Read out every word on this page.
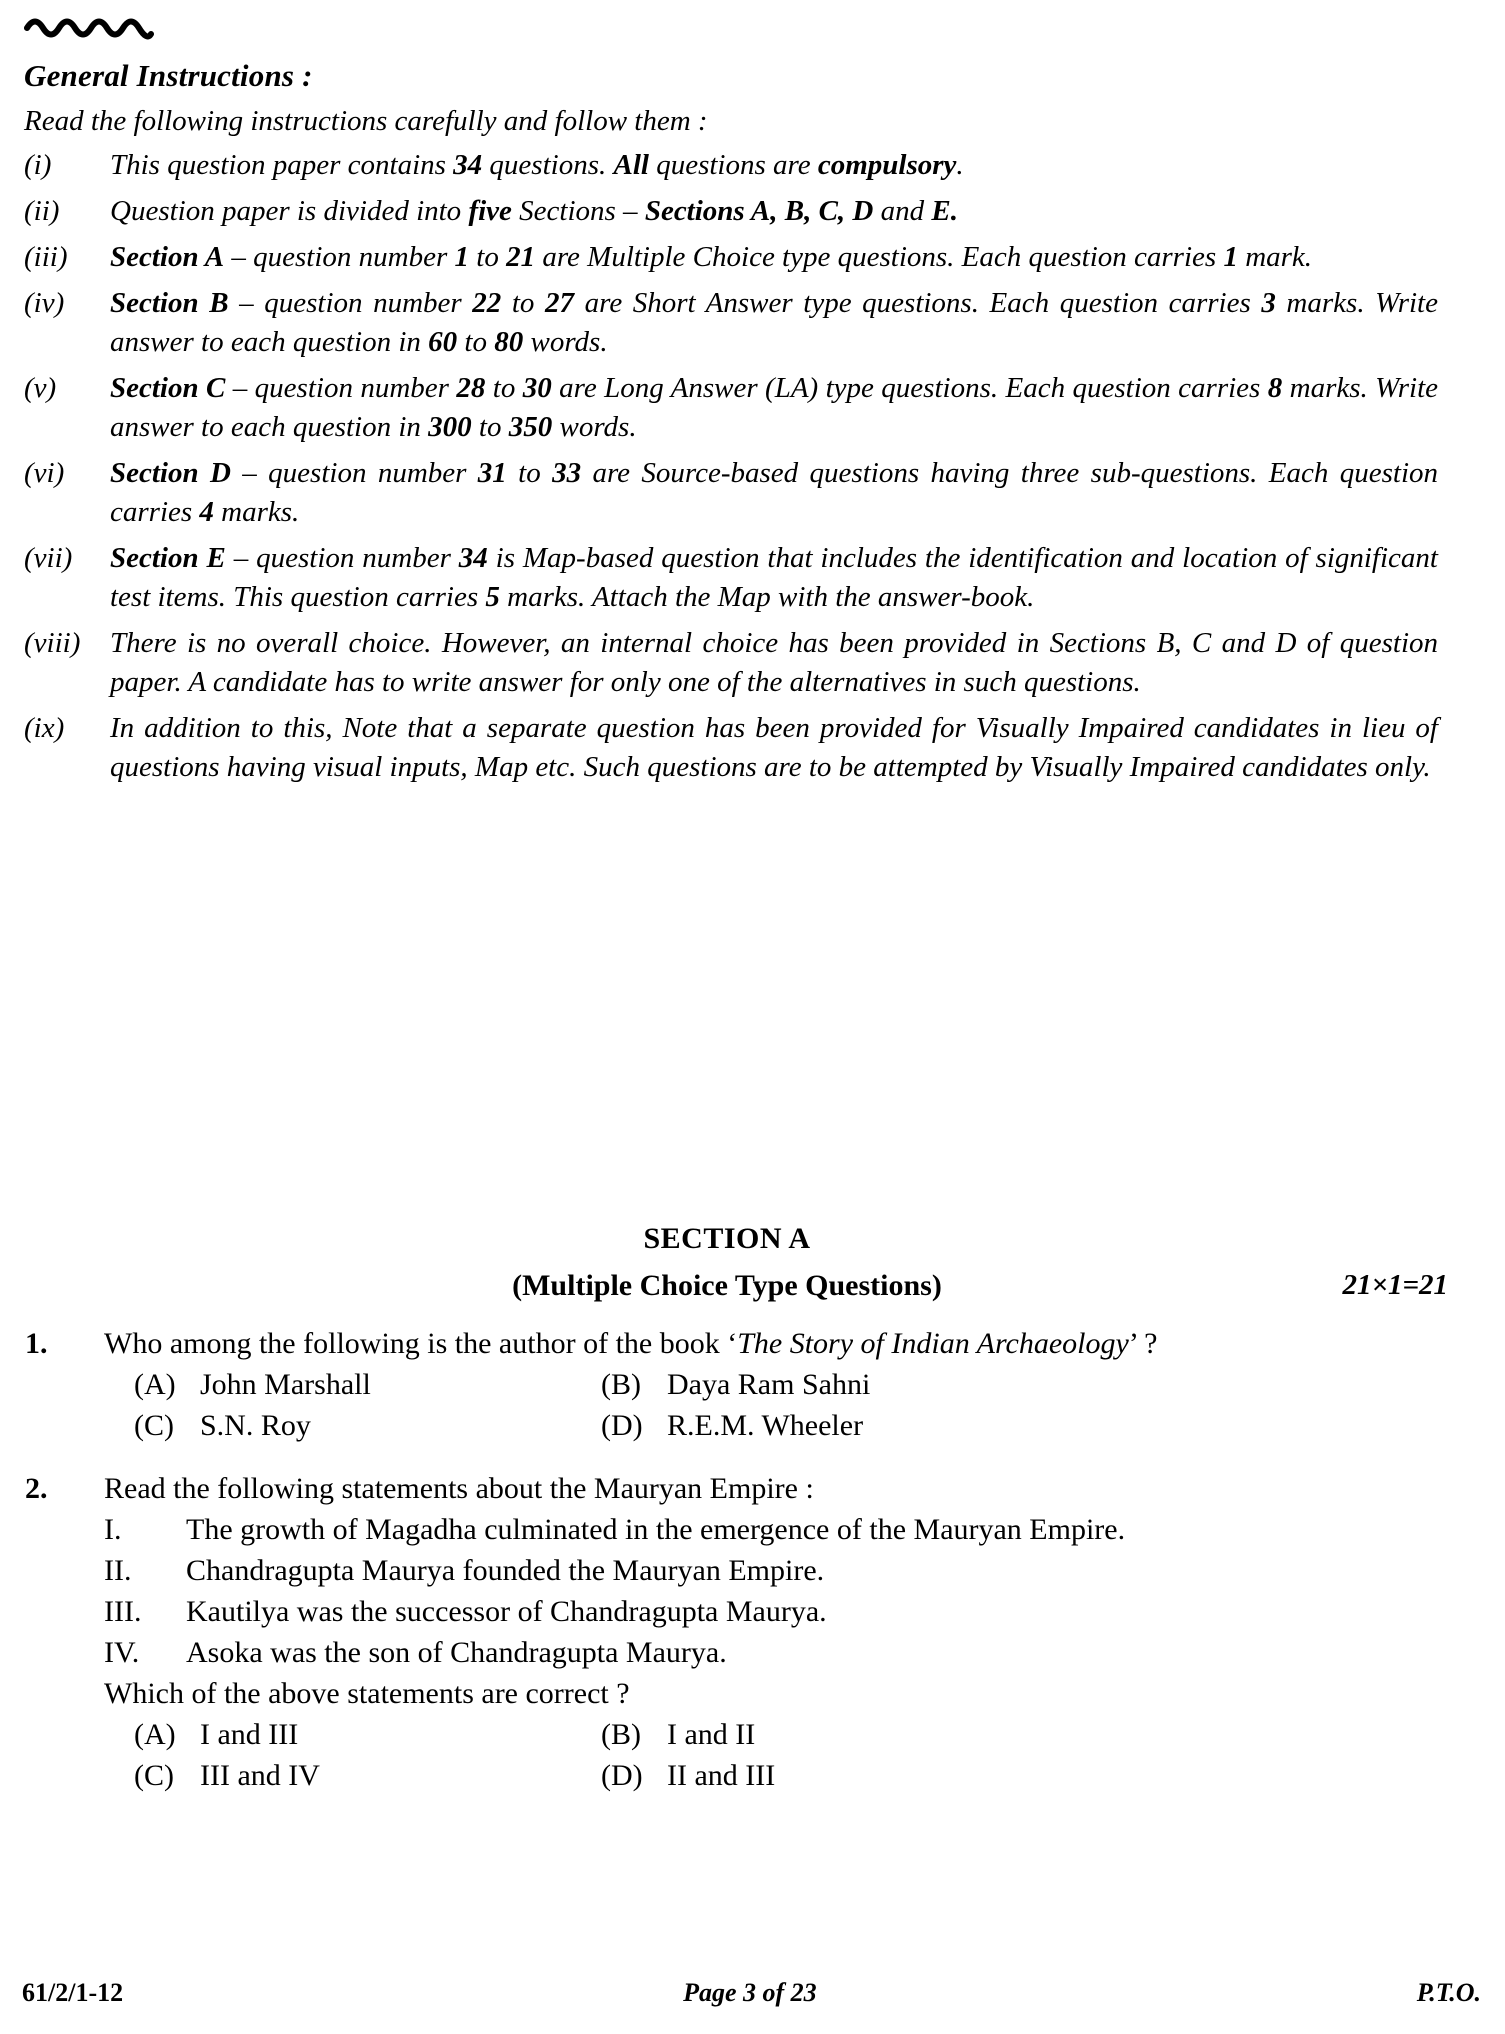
General Instructions :
Read the following instructions carefully and follow them :
(i)	This question paper contains 34 questions. All questions are compulsory.
(ii)	Question paper is divided into five Sections – Sections A, B, C, D and E.
(iii)	Section A – question number 1 to 21 are Multiple Choice type questions. Each question carries 1 mark.
(iv)	Section B – question number 22 to 27 are Short Answer type questions. Each question carries 3 marks. Write answer to each question in 60 to 80 words.
(v)	Section C – question number 28 to 30 are Long Answer (LA) type questions. Each question carries 8 marks. Write answer to each question in 300 to 350 words.
(vi)	Section D – question number 31 to 33 are Source-based questions having three sub-questions. Each question carries 4 marks.
(vii)	Section E – question number 34 is Map-based question that includes the identification and location of significant test items. This question carries 5 marks. Attach the Map with the answer-book.
(viii)	There is no overall choice. However, an internal choice has been provided in Sections B, C and D of question paper. A candidate has to write answer for only one of the alternatives in such questions.
(ix)	In addition to this, Note that a separate question has been provided for Visually Impaired candidates in lieu of questions having visual inputs, Map etc. Such questions are to be attempted by Visually Impaired candidates only.
SECTION A
(Multiple Choice Type Questions)	21×1=21
1.	Who among the following is the author of the book ‘The Story of Indian Archaeology’ ?
(A) John Marshall	(B) Daya Ram Sahni
(C) S.N. Roy	(D) R.E.M. Wheeler
2.	Read the following statements about the Mauryan Empire :
I.	The growth of Magadha culminated in the emergence of the Mauryan Empire.
II.	Chandragupta Maurya founded the Mauryan Empire.
III.	Kautilya was the successor of Chandragupta Maurya.
IV.	Asoka was the son of Chandragupta Maurya.
Which of the above statements are correct ?
(A) I and III	(B) I and II
(C) III and IV	(D) II and III
61/2/1-12	Page 3 of 23	P.T.O.
